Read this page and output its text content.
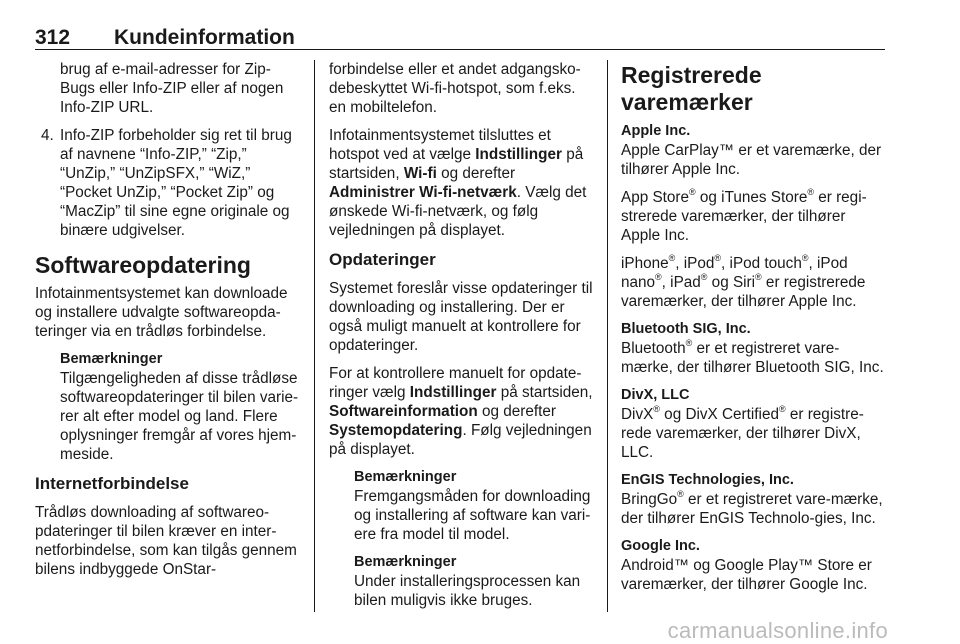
312 Kundeinformation

brug af e-mail-adresser for Zip-Bugs eller Info-ZIP eller af nogen Info-ZIP URL.

4. Info-ZIP forbeholder sig ret til brug af navnene “Info-ZIP,” “Zip,” “UnZip,” “UnZipSFX,” “WiZ,” “Pocket UnZip,” “Pocket Zip” og “MacZip” til sine egne originale og binære udgivelser.
Softwareopdatering

Infotainmentsystemet kan downloade og installere udvalgte softwareopda-teringer via en trådløs forbindelse.

Bemærkninger

Tilgængeligheden af disse trådløse softwareopdateringer til bilen varie-rer alt efter model og land. Flere oplysninger fremgår af vores hjem-meside.

Internetforbindelse

Trådløs downloading af softwareo-pdateringer til bilen kræver en inter-netforbindelse, som kan tilgås gennem bilens indbyggede OnStar-

forbindelse eller et andet adgangsko-debeskyttet Wi-fi-hotspot, som f.eks. en mobiltelefon.

Infotainmentsystemet tilsluttes et hotspot ved at vælge Indstillinger på startsiden, Wi-fi og derefter Administrer Wi-fi-netværk. Vælg det ønskede Wi-fi-netværk, og følg vejledningen på displayet.

Opdateringer

Systemet foreslår visse opdateringer til downloading og installering. Der er også muligt manuelt at kontrollere for opdateringer.

For at kontrollere manuelt for opdate-ringer vælg Indstillinger på startsiden, Softwareinformation og derefter Systemopdatering. Følg vejledningen på displayet.

Bemærkninger

Fremgangsmåden for downloading og installering af software kan vari-ere fra model til model.

Bemærkninger

Under installeringsprocessen kan bilen muligvis ikke bruges.

Registrerede varemærker

Apple Inc.

Apple CarPlay™ er et varemærke, der tilhører Apple Inc.

App Store® og iTunes Store® er regi-strerede varemærker, der tilhører Apple Inc.

iPhone®, iPod®, iPod touch®, iPod nano®, iPad® og Siri® er registrerede varemærker, der tilhører Apple Inc.

Bluetooth SIG, Inc.

Bluetooth® er et registreret vare-mærke, der tilhører Bluetooth SIG, Inc.

DivX, LLC

DivX® og DivX Certified® er registre-rede varemærker, der tilhører DivX, LLC.

EnGIS Technologies, Inc.

BringGo® er et registreret vare-mærke, der tilhører EnGIS Technolo-gies, Inc.

Google Inc.

Android™ og Google Play™ Store er varemærker, der tilhører Google Inc.

carmanualsonline.info
